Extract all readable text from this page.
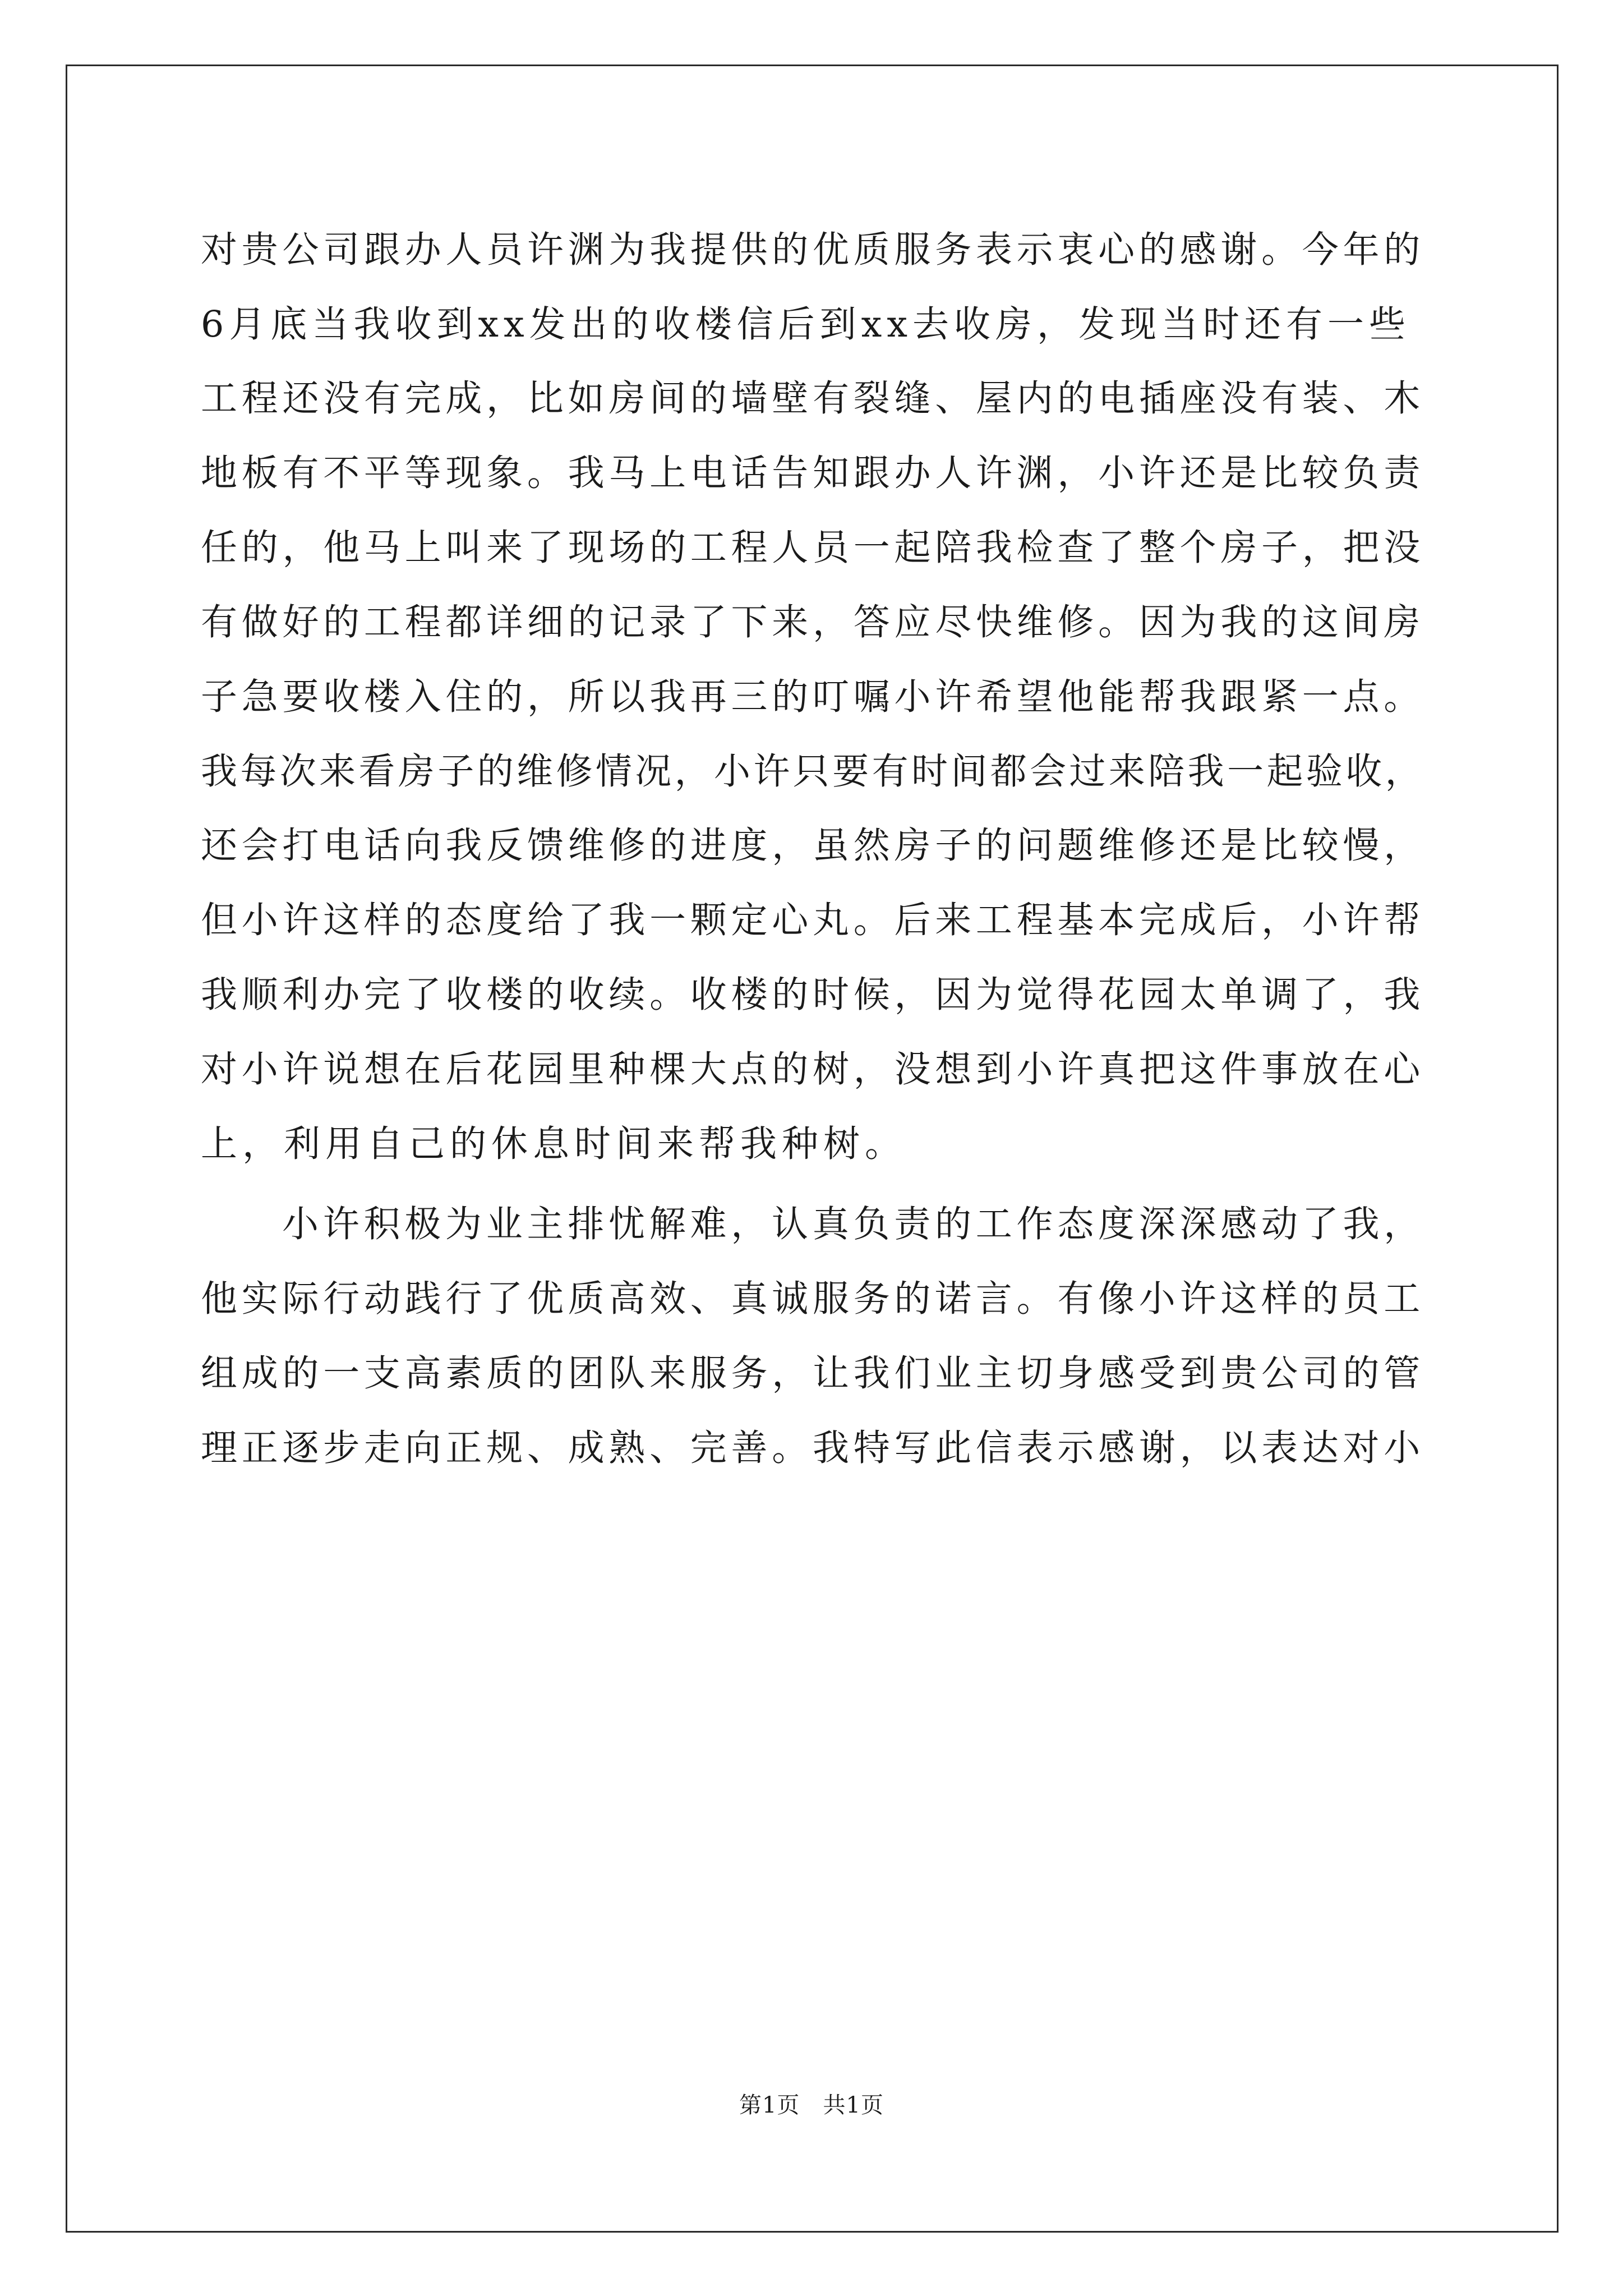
对贵公司跟办人员许渊为我提供的优质服务表示衷心的感谢。今年的
6月底当我收到xx发出的收楼信后到xx去收房，发现当时还有一些
工程还没有完成，比如房间的墙壁有裂缝、屋内的电插座没有装、木
地板有不平等现象。我马上电话告知跟办人许渊，小许还是比较负责
任的，他马上叫来了现场的工程人员一起陪我检查了整个房子，把没
有做好的工程都详细的记录了下来，答应尽快维修。因为我的这间房
子急要收楼入住的，所以我再三的叮嘱小许希望他能帮我跟紧一点。
我每次来看房子的维修情况，小许只要有时间都会过来陪我一起验收，
还会打电话向我反馈维修的进度，虽然房子的问题维修还是比较慢，
但小许这样的态度给了我一颗定心丸。后来工程基本完成后，小许帮
我顺利办完了收楼的收续。收楼的时候，因为觉得花园太单调了，我
对小许说想在后花园里种棵大点的树，没想到小许真把这件事放在心
上，利用自己的休息时间来帮我种树。
小许积极为业主排忧解难，认真负责的工作态度深深感动了我，
他实际行动践行了优质高效、真诚服务的诺言。有像小许这样的员工
组成的一支高素质的团队来服务，让我们业主切身感受到贵公司的管
理正逐步走向正规、成熟、完善。我特写此信表示感谢，以表达对小
第1页   共1页
